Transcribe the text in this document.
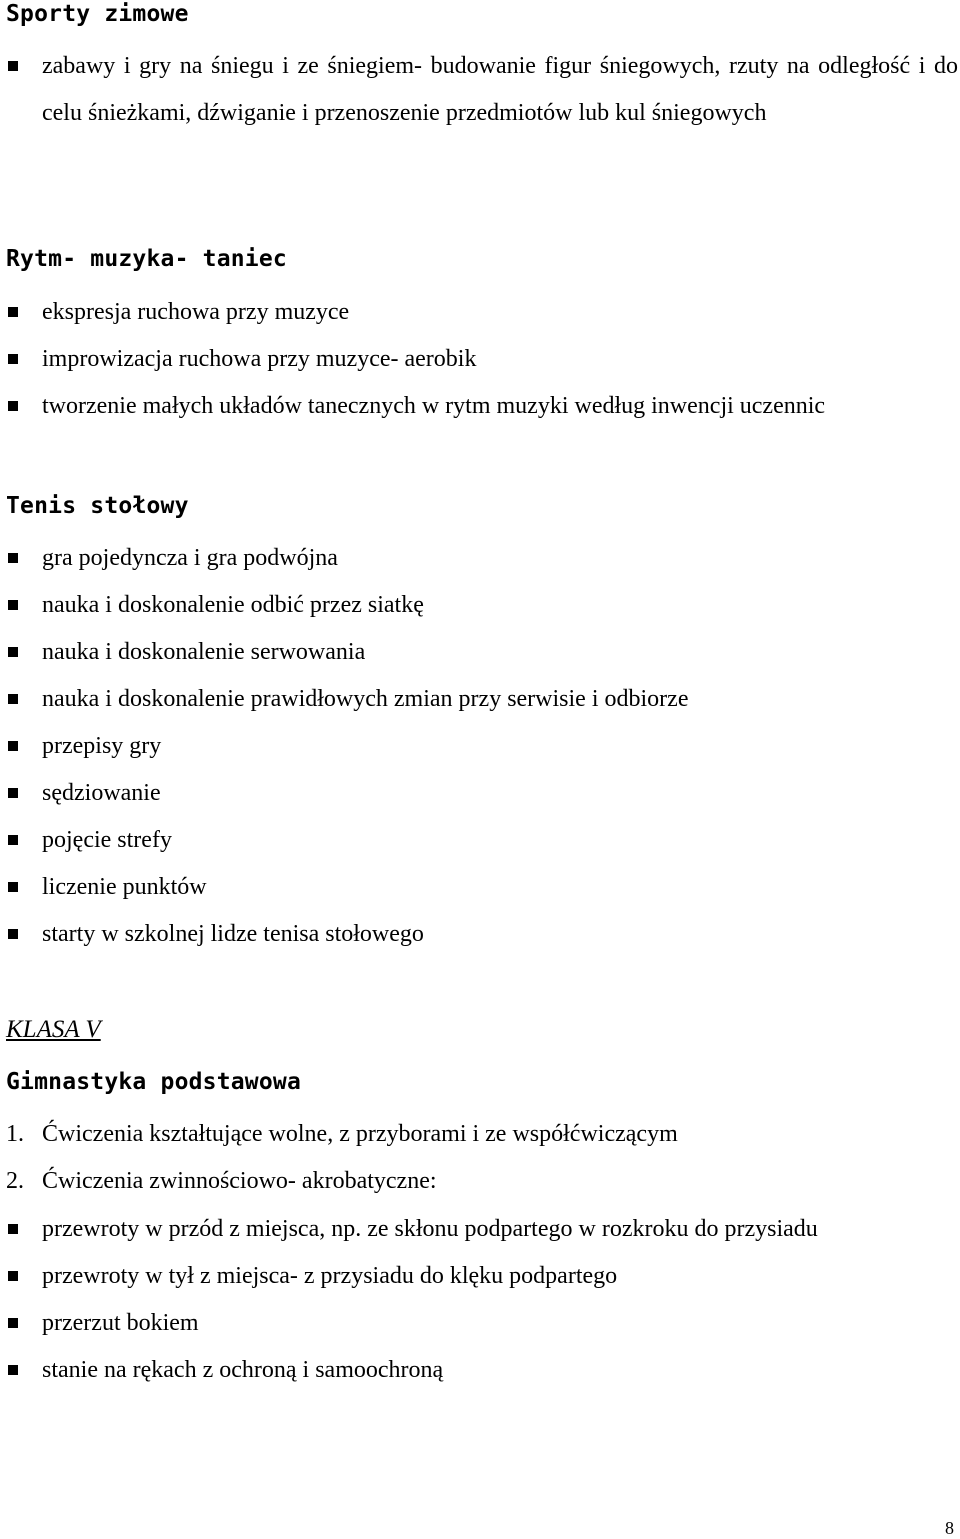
Sporty zimowe
zabawy i gry na śniegu i ze śniegiem- budowanie figur śniegowych, rzuty na odległość i do celu śnieżkami, dźwiganie i przenoszenie przedmiotów lub kul śniegowych
Rytm- muzyka- taniec
ekspresja ruchowa przy muzyce
improwizacja ruchowa przy muzyce- aerobik
tworzenie małych układów tanecznych w rytm muzyki według inwencji uczennic
Tenis stołowy
gra pojedyncza i gra podwójna
nauka i doskonalenie odbić przez siatkę
nauka i doskonalenie serwowania
nauka i doskonalenie prawidłowych zmian przy serwisie i odbiorze
przepisy gry
sędziowanie
pojęcie strefy
liczenie punktów
starty w szkolnej lidze tenisa stołowego
KLASA V
Gimnastyka podstawowa
1. Ćwiczenia kształtujące wolne, z przyborami i ze współćwiczącym
2. Ćwiczenia zwinnościowo- akrobatyczne:
przewroty w przód z miejsca, np. ze skłonu podpartego w rozkroku do przysiadu
przewroty w tył z miejsca- z przysiadu do klęku podpartego
przerzut bokiem
stanie na rękach z ochroną i samoochroną
8
